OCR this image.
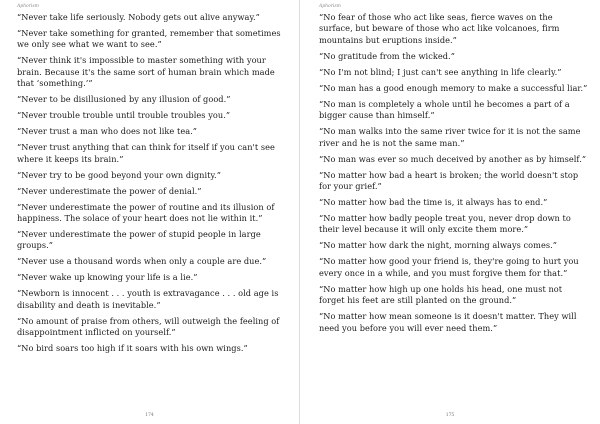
Aphorism

“Never take life seriously. Nobody gets out alive anyway.”

“Never take something for granted, remember that sometimes we only see what we want to see.”

“Never think it's impossible to master something with your brain. Because it's the same sort of human brain which made that ‘something.’”

“Never to be disillusioned by any illusion of good.”

“Never trouble trouble until trouble troubles you.”

“Never trust a man who does not like tea.”

“Never trust anything that can think for itself if you can't see where it keeps its brain.”

“Never try to be good beyond your own dignity.”

“Never underestimate the power of denial.”

“Never underestimate the power of routine and its illusion of happiness. The solace of your heart does not lie within it.”

“Never underestimate the power of stupid people in large groups.”

“Never use a thousand words when only a couple are due.”

“Never wake up knowing your life is a lie.”

“Newborn is innocent . . . youth is extravagance . . . old age is disability and death is inevitable.”

“No amount of praise from others, will outweigh the feeling of disappointment inflicted on yourself.”

“No bird soars too high if it soars with his own wings.”

174
Aphorism

“No fear of those who act like seas, fierce waves on the surface, but beware of those who act like volcanoes, firm mountains but eruptions inside.”

“No gratitude from the wicked.”

“No I'm not blind; I just can't see anything in life clearly.”

“No man has a good enough memory to make a successful liar.”

“No man is completely a whole until he becomes a part of a bigger cause than himself.”

“No man walks into the same river twice for it is not the same river and he is not the same man.”

“No man was ever so much deceived by another as by himself.”

“No matter how bad a heart is broken; the world doesn't stop for your grief.”

“No matter how bad the time is, it always has to end.”

“No matter how badly people treat you, never drop down to their level because it will only excite them more.”

“No matter how dark the night, morning always comes.”

“No matter how good your friend is, they're going to hurt you every once in a while, and you must forgive them for that.”

“No matter how high up one holds his head, one must not forget his feet are still planted on the ground.”

“No matter how mean someone is it doesn't matter. They will need you before you will ever need them.”

175
